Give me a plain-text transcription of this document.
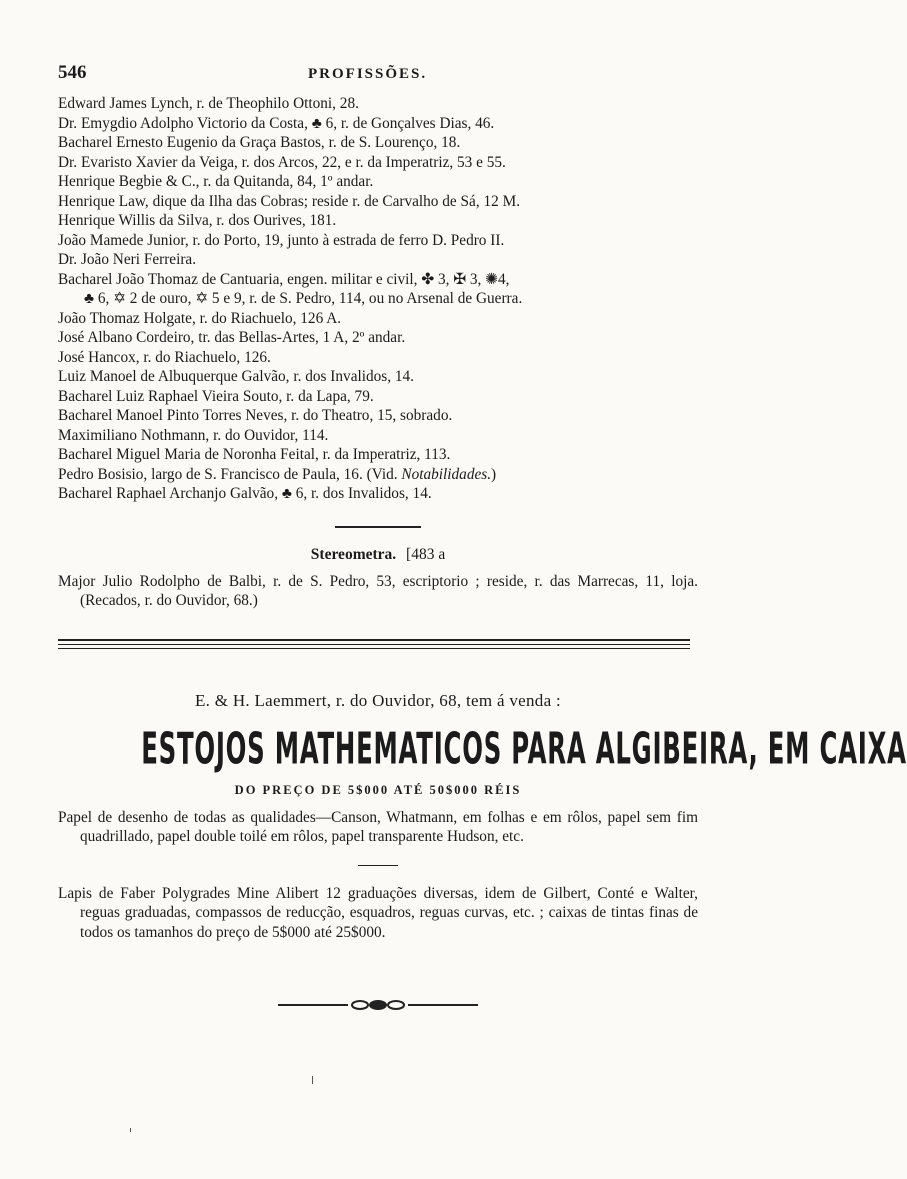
546	PROFISSÕES.
Edward James Lynch, r. de Theophilo Ottoni, 28.
Dr. Emygdio Adolpho Victorio da Costa, ♣ 6, r. de Gonçalves Dias, 46.
Bacharel Ernesto Eugenio da Graça Bastos, r. de S. Lourenço, 18.
Dr. Evaristo Xavier da Veiga, r. dos Arcos, 22, e r. da Imperatriz, 53 e 55.
Henrique Begbie & C., r. da Quitanda, 84, 1º andar.
Henrique Law, dique da Ilha das Cobras; reside r. de Carvalho de Sá, 12 M.
Henrique Willis da Silva, r. dos Ourives, 181.
João Mamede Junior, r. do Porto, 19, junto à estrada de ferro D. Pedro II.
Dr. João Neri Ferreira.
Bacharel João Thomaz de Cantuaria, engen. militar e civil, ✤ 3, ✠ 3, ✺4,
♣ 6, ✡ 2 de ouro, ✡ 5 e 9, r. de S. Pedro, 114, ou no Arsenal de Guerra.
João Thomaz Holgate, r. do Riachuelo, 126 A.
José Albano Cordeiro, tr. das Bellas-Artes, 1 A, 2º andar.
José Hancox, r. do Riachuelo, 126.
Luiz Manoel de Albuquerque Galvão, r. dos Invalidos, 14.
Bacharel Luiz Raphael Vieira Souto, r. da Lapa, 79.
Bacharel Manoel Pinto Torres Neves, r. do Theatro, 15, sobrado.
Maximiliano Nothmann, r. do Ouvidor, 114.
Bacharel Miguel Maria de Noronha Feital, r. da Imperatriz, 113.
Pedro Bosisio, largo de S. Francisco de Paula, 16. (Vid. Notabilidades.)
Bacharel Raphael Archanjo Galvão, ♣ 6, r. dos Invalidos, 14.
Stereometra. [483 a
Major Julio Rodolpho de Balbi, r. de S. Pedro, 53, escriptorio ; reside, r. das Marrecas, 11, loja. (Recados, r. do Ouvidor, 68.)
E. & H. Laemmert, r. do Ouvidor, 68, tem á venda :
ESTOJOS MATHEMATICOS PARA ALGIBEIRA, EM CAIXA
DO PREÇO DE 5$000 ATÉ 50$000 RÉIS
Papel de desenho de todas as qualidades—Canson, Whatmann, em folhas e em rôlos, papel sem fim quadrillado, papel double toilé em rôlos, papel transparente Hudson, etc.
Lapis de Faber Polygrades Mine Alibert 12 graduações diversas, idem de Gilbert, Conté e Walter, reguas graduadas, compassos de reducção, esquadros, reguas curvas, etc. ; caixas de tintas finas de todos os tamanhos do preço de 5$000 até 25$000.
